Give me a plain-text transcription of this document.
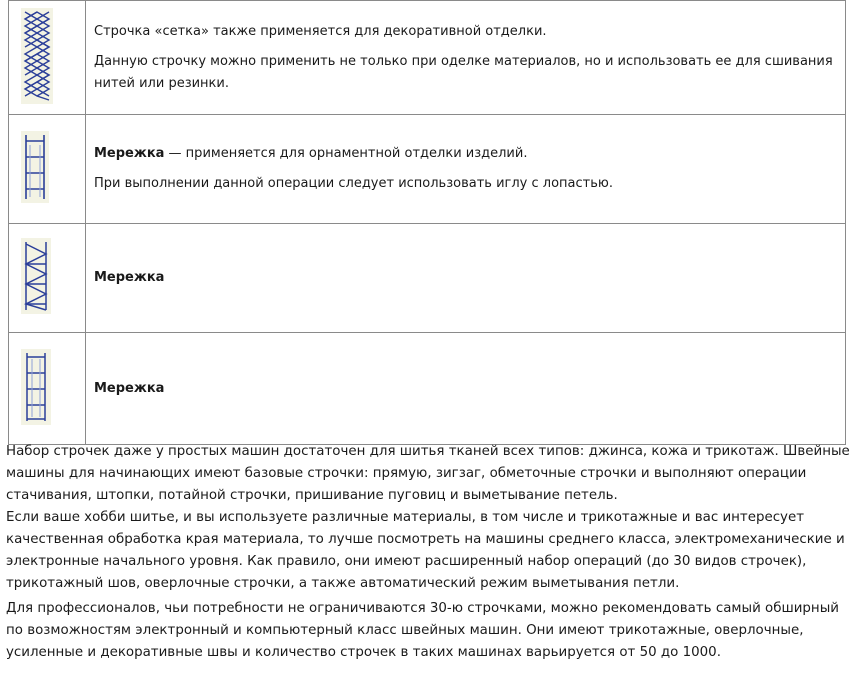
Строчка «сетка» также применяется для декоративной отделки.
Данную строчку можно применить не только при оделке материалов, но и использовать ее для сшивания нитей или резинки.

Мережка — применяется для орнаментной отделки изделий.
При выполнении данной операции следует использовать иглу с лопастью.

	Мережка

	Мережка

Набор строчек даже у простых машин достаточен для шитья тканей всех типов: джинса, кожа и трикотаж. Швейные машины для начинающих имеют базовые строчки: прямую, зигзаг, обметочные строчки и выполняют операции стачивания, штопки, потайной строчки, пришивание пуговиц и выметывание петель.

Если ваше хобби шитье, и вы используете различные материалы, в том числе и трикотажные и вас интересует качественная обработка края материала, то лучше посмотреть на машины среднего класса, электромеханические и электронные начального уровня. Как правило, они имеют расширенный набор операций (до 30 видов строчек), трикотажный шов, оверлочные строчки, а также автоматический режим выметывания петли.

Для профессионалов, чьи потребности не ограничиваются 30-ю строчками, можно рекомендовать самый обширный по возможностям электронный и компьютерный класс швейных машин. Они имеют трикотажные, оверлочные, усиленные и декоративные швы и количество строчек в таких машинах варьируется от 50 до 1000.
